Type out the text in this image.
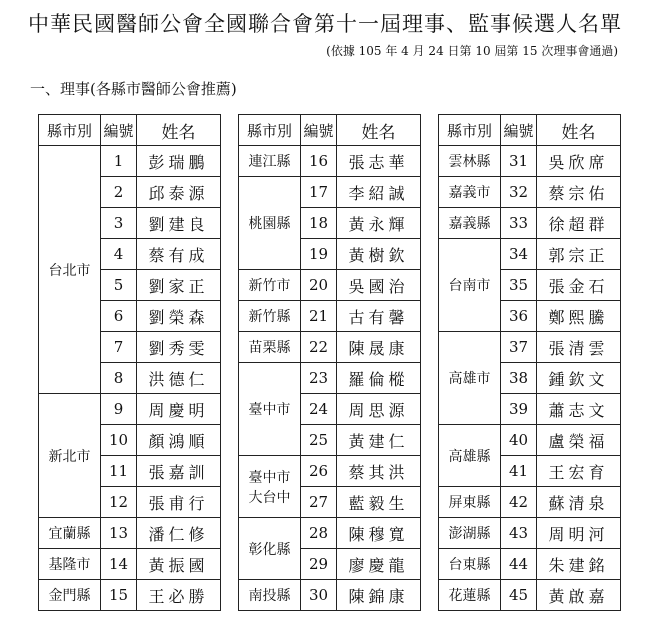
中華民國醫師公會全國聯合會第十一屆理事、監事候選人名單
(依據 105 年 4 月 24 日第 10 屆第 15 次理事會通過)
一、理事(各縣市醫師公會推薦)
縣市別	編號	姓名
台北市	1	彭瑞鵬
	2	邱泰源
	3	劉建良
	4	蔡有成
	5	劉家正
	6	劉榮森
	7	劉秀雯
	8	洪德仁
新北市	9	周慶明
	10	顏鴻順
	11	張嘉訓
	12	張甫行
宜蘭縣	13	潘仁修
基隆市	14	黃振國
金門縣	15	王必勝
縣市別	編號	姓名
連江縣	16	張志華
桃園縣	17	李紹誠
	18	黃永輝
	19	黃樹欽
新竹市	20	吳國治
新竹縣	21	古有馨
苗栗縣	22	陳晟康
臺中市	23	羅倫樅
	24	周思源
	25	黃建仁
臺中市
大台中	26	蔡其洪
	27	藍毅生
彰化縣	28	陳穆寬
	29	廖慶龍
南投縣	30	陳錦康
縣市別	編號	姓名
雲林縣	31	吳欣席
嘉義市	32	蔡宗佑
嘉義縣	33	徐超群
台南市	34	郭宗正
	35	張金石
	36	鄭熙騰
高雄市	37	張清雲
	38	鍾欽文
	39	蕭志文
高雄縣	40	盧榮福
	41	王宏育
屏東縣	42	蘇清泉
澎湖縣	43	周明河
台東縣	44	朱建銘
花蓮縣	45	黃啟嘉
